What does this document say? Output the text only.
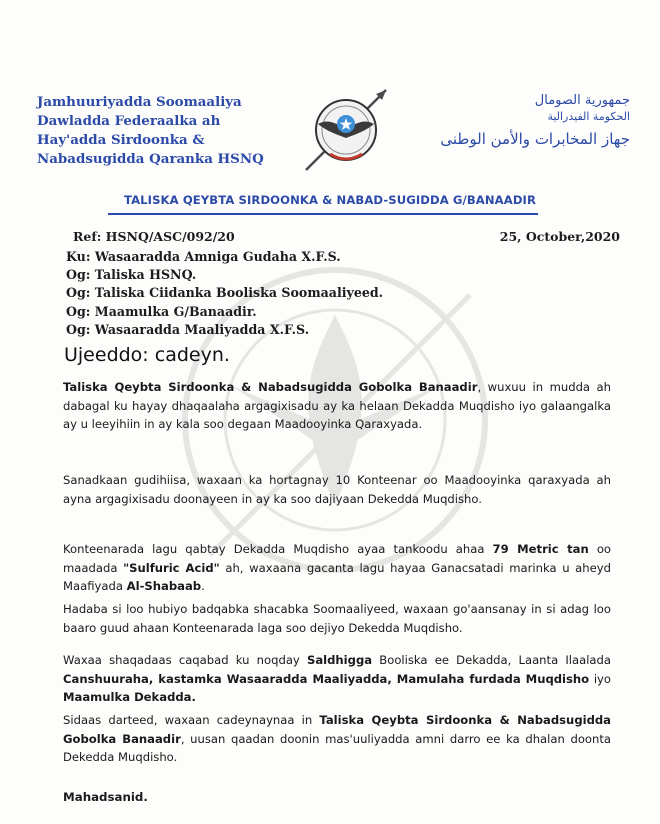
Jamhuuriyadda Soomaaliya
Dawladda Federaalka ah
Hay'adda Sirdoonka &
Nabadsugidda Qaranka HSNQ
جمهورية الصومال
الحكومة الفيدرالية
جهاز المخابرات والأمن الوطنى
TALISKA QEYBTA SIRDOONKA & NABAD-SUGIDDA G/BANAADIR
Ref: HSNQ/ASC/092/20	25, October,2020
Ku: Wasaaradda Amniga Gudaha X.F.S.
Og: Taliska HSNQ.
Og: Taliska Ciidanka Booliska Soomaaliyeed.
Og: Maamulka G/Banaadir.
Og: Wasaaradda Maaliyadda X.F.S.
Ujeeddo: cadeyn.
Taliska Qeybta Sirdoonka & Nabadsugidda Gobolka Banaadir, wuxuu in mudda ah dabagal ku hayay dhaqaalaha argagixisadu ay ka helaan Dekadda Muqdisho iyo galaangalka ay u leeyihiin in ay kala soo degaan Maadooyinka Qaraxyada.
Sanadkaan gudihiisa, waxaan ka hortagnay 10 Konteenar oo Maadooyinka qaraxyada ah ayna argagixisadu doonayeen in ay ka soo dajiyaan Dekedda Muqdisho.
Konteenarada lagu qabtay Dekadda Muqdisho ayaa tankoodu ahaa 79 Metric tan oo maadada "Sulfuric Acid" ah, waxaana gacanta lagu hayaa Ganacsatadi marinka u aheyd Maafiyada Al-Shabaab.
Hadaba si loo hubiyo badqabka shacabka Soomaaliyeed, waxaan go'aansanay in si adag loo baaro guud ahaan Konteenarada laga soo dejiyo Dekedda Muqdisho.
Waxaa shaqadaas caqabad ku noqday Saldhigga Booliska ee Dekadda, Laanta Ilaalada Canshuuraha, kastamka Wasaaradda Maaliyadda, Mamulaha furdada Muqdisho iyo Maamulka Dekadda.
Sidaas darteed, waxaan cadeynaynaa in Taliska Qeybta Sirdoonka & Nabadsugidda Gobolka Banaadir, uusan qaadan doonin mas'uuliyadda amni darro ee ka dhalan doonta Dekedda Muqdisho.
Mahadsanid.
